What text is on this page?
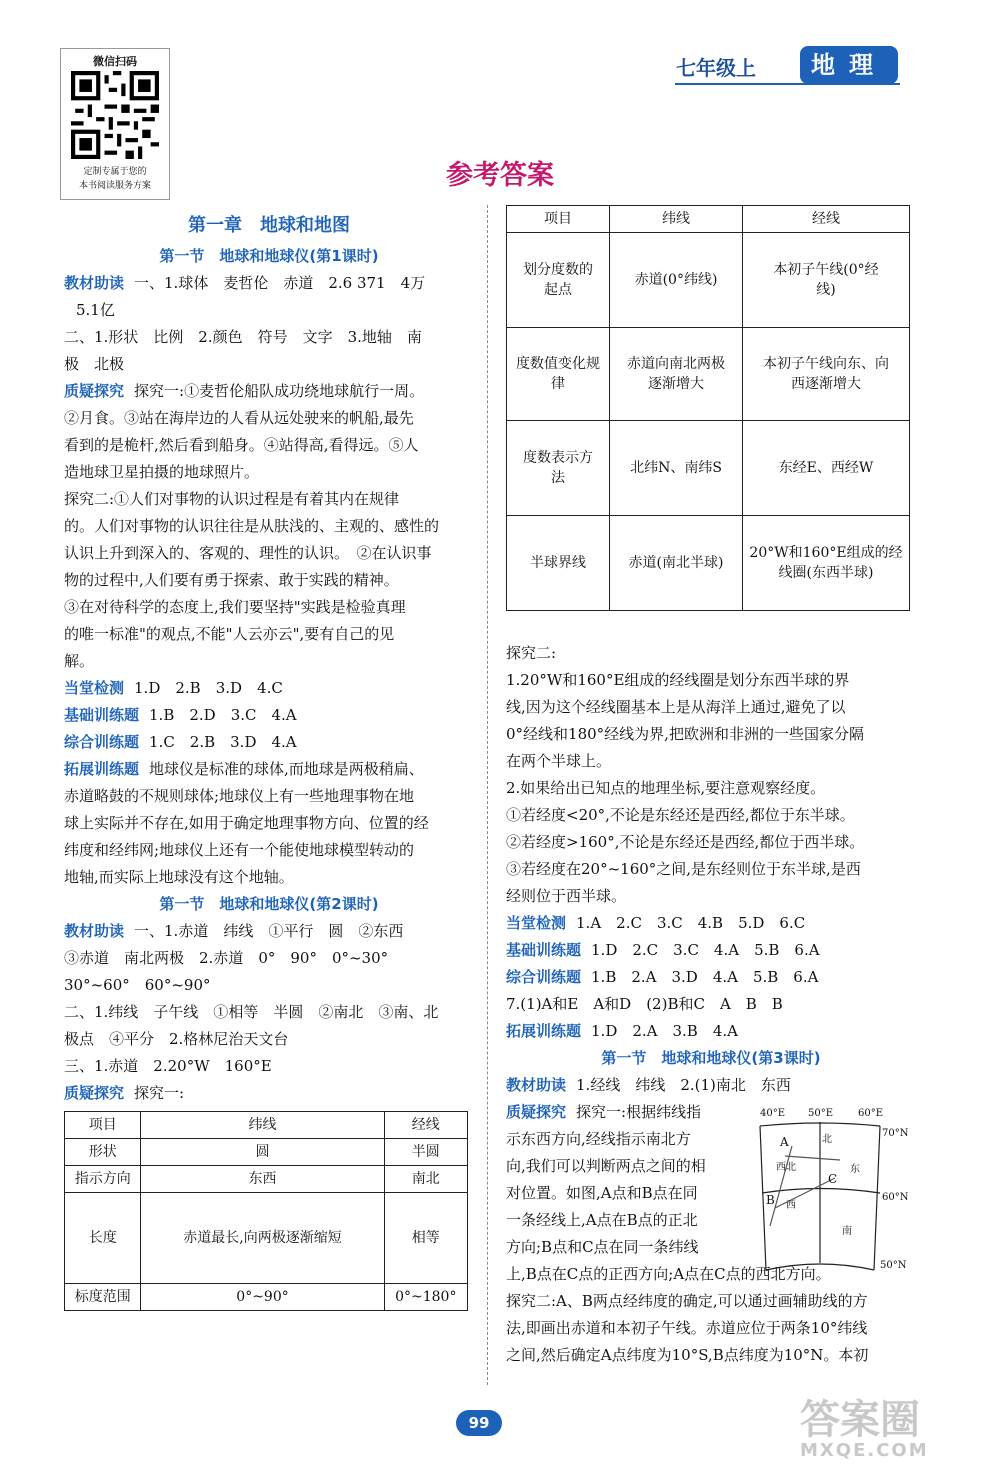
微信扫码
定制专属于您的
本书阅读服务方案
七年级上	地理
参考答案
第一章　地球和地图
第一节　地球和地球仪(第1课时)
教材助读 一、1.球体　麦哲伦　赤道　2.6 371　4万
5.1亿
二、1.形状　比例　2.颜色　符号　文字　3.地轴　南
极　北极
质疑探究 探究一:①麦哲伦船队成功绕地球航行一周。
②月食。③站在海岸边的人看从远处驶来的帆船,最先
看到的是桅杆,然后看到船身。④站得高,看得远。⑤人
造地球卫星拍摄的地球照片。
探究二:①人们对事物的认识过程是有着其内在规律
的。人们对事物的认识往往是从肤浅的、主观的、感性的
认识上升到深入的、客观的、理性的认识。　②在认识事
物的过程中,人们要有勇于探索、敢于实践的精神。
③在对待科学的态度上,我们要坚持"实践是检验真理
的唯一标准"的观点,不能"人云亦云",要有自己的见
解。
当堂检测 1.D　2.B　3.D　4.C
基础训练题 1.B　2.D　3.C　4.A
综合训练题 1.C　2.B　3.D　4.A
拓展训练题 地球仪是标准的球体,而地球是两极稍扁、
赤道略鼓的不规则球体;地球仪上有一些地理事物在地
球上实际并不存在,如用于确定地理事物方向、位置的经
纬度和经纬网;地球仪上还有一个能使地球模型转动的
地轴,而实际上地球没有这个地轴。
第一节　地球和地球仪(第2课时)
教材助读 一、1.赤道　纬线　①平行　圆　②东西
③赤道　南北两极　2.赤道　0°　90°　0°~30°
30°~60°　60°~90°
二、1.纬线　子午线　①相等　半圆　②南北　③南、北
极点　④平分　2.格林尼治天文台
三、1.赤道　2.20°W　160°E
质疑探究 探究一:
项目	纬线	经线
形状	圆	半圆
指示方向	东西	南北
长度	赤道最长,向两极逐渐缩短	相等
标度范围	0°~90°	0°~180°
项目	纬线	经线
划分度数的起点	赤道(0°纬线)	本初子午线(0°经线)
度数值变化规律	赤道向南北两极逐渐增大	本初子午线向东、向西逐渐增大
度数表示方法	北纬N、南纬S	东经E、西经W
半球界线	赤道(南北半球)	20°W和160°E组成的经线圈(东西半球)
探究二:
1.20°W和160°E组成的经线圈是划分东西半球的界
线,因为这个经线圈基本上是从海洋上通过,避免了以
0°经线和180°经线为界,把欧洲和非洲的一些国家分隔
在两个半球上。
2.如果给出已知点的地理坐标,要注意观察经度。
①若经度<20°,不论是东经还是西经,都位于东半球。
②若经度>160°,不论是东经还是西经,都位于西半球。
③若经度在20°~160°之间,是东经则位于东半球,是西
经则位于西半球。
当堂检测 1.A　2.C　3.C　4.B　5.D　6.C
基础训练题 1.D　2.C　3.C　4.A　5.B　6.A
综合训练题 1.B　2.A　3.D　4.A　5.B　6.A
7.(1)A和E　A和D　(2)B和C　A　B　B
拓展训练题 1.D　2.A　3.B　4.A
第一节　地球和地球仪(第3课时)
教材助读 1.经线　纬线　2.(1)南北　东西
质疑探究 探究一:根据纬线指
示东西方向,经线指示南北方
向,我们可以判断两点之间的相
对位置。如图,A点和B点在同
一条经线上,A点在B点的正北
方向;B点和C点在同一条纬线
上,B点在C点的正西方向;A点在C点的西北方向。
探究二:A、B两点经纬度的确定,可以通过画辅助线的方
法,即画出赤道和本初子午线。赤道应位于两条10°纬线
之间,然后确定A点纬度为10°S,B点纬度为10°N。本初
40°E 50°E 60°E
70°N
60°N
50°N
A
B
C
北
东
南
西
西北
99	答案圈
MXQE.COM
